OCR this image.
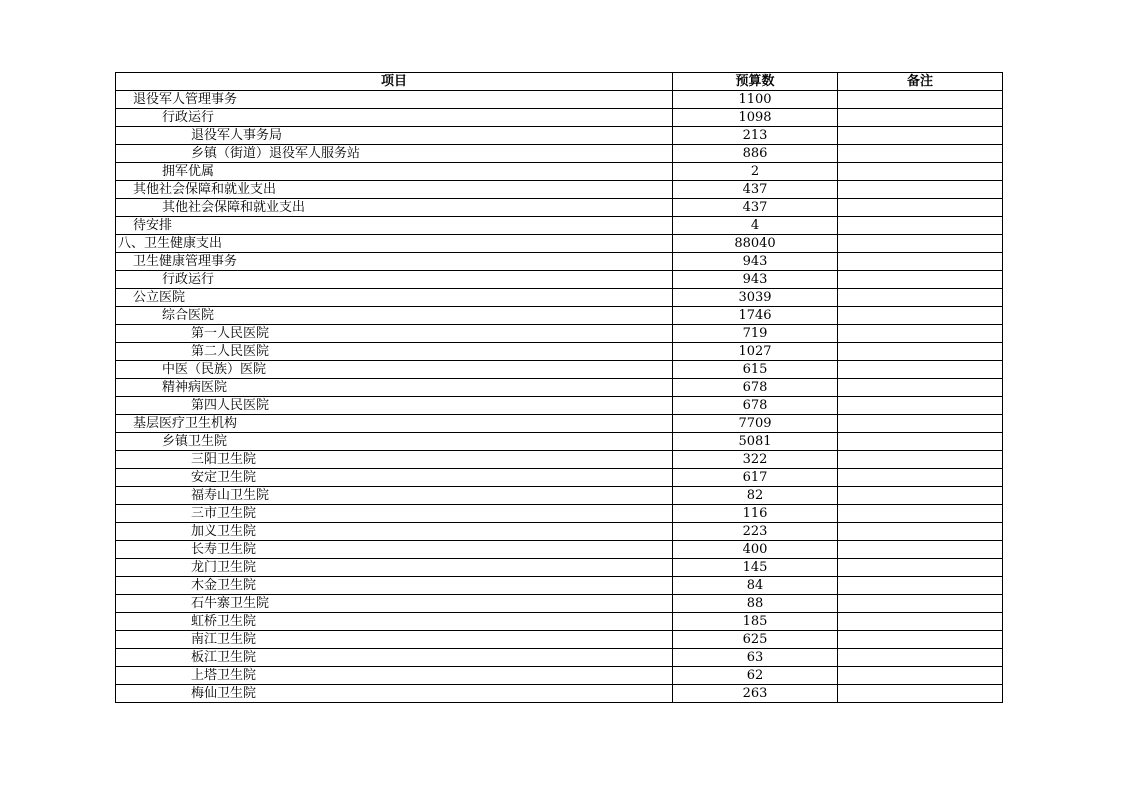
项目	预算数	备注
退役军人管理事务	1100	
行政运行	1098	
退役军人事务局	213	
乡镇（街道）退役军人服务站	886	
拥军优属	2	
其他社会保障和就业支出	437	
其他社会保障和就业支出	437	
待安排	4	
八、卫生健康支出	88040	
卫生健康管理事务	943	
行政运行	943	
公立医院	3039	
综合医院	1746	
第一人民医院	719	
第二人民医院	1027	
中医（民族）医院	615	
精神病医院	678	
第四人民医院	678	
基层医疗卫生机构	7709	
乡镇卫生院	5081	
三阳卫生院	322	
安定卫生院	617	
福寿山卫生院	82	
三市卫生院	116	
加义卫生院	223	
长寿卫生院	400	
龙门卫生院	145	
木金卫生院	84	
石牛寨卫生院	88	
虹桥卫生院	185	
南江卫生院	625	
板江卫生院	63	
上塔卫生院	62	
梅仙卫生院	263	
